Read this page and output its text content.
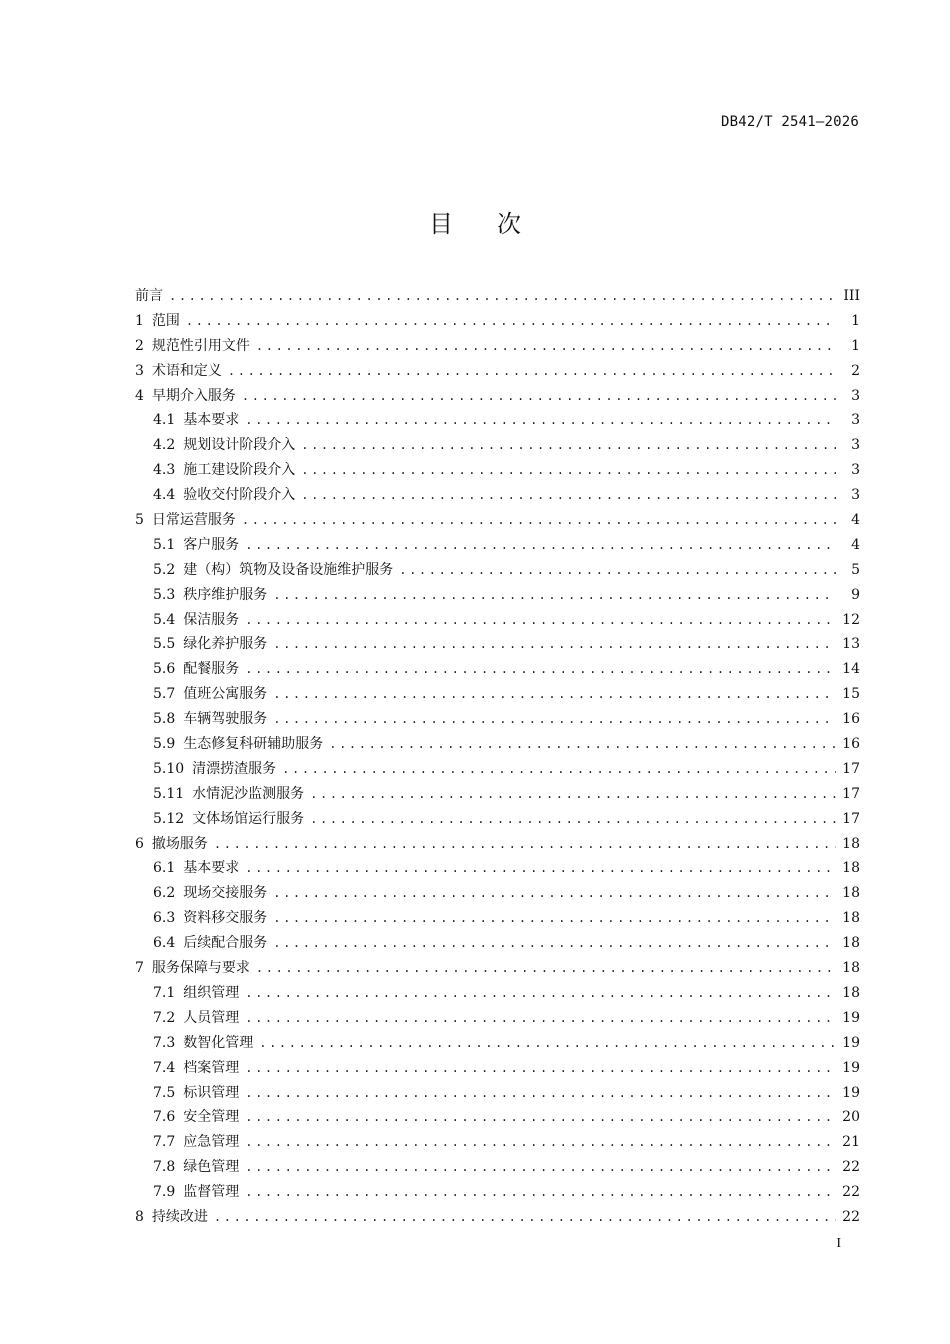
DB42/T 2541—2026
目次
前言 .....	III
1 范围 .....	1
2 规范性引用文件 .....	1
3 术语和定义 .....	2
4 早期介入服务 .....	3
4.1 基本要求 .....	3
4.2 规划设计阶段介入 .....	3
4.3 施工建设阶段介入 .....	3
4.4 验收交付阶段介入 .....	3
5 日常运营服务 .....	4
5.1 客户服务 .....	4
5.2 建（构）筑物及设备设施维护服务 .....	5
5.3 秩序维护服务 .....	9
5.4 保洁服务 .....	12
5.5 绿化养护服务 .....	13
5.6 配餐服务 .....	14
5.7 值班公寓服务 .....	15
5.8 车辆驾驶服务 .....	16
5.9 生态修复科研辅助服务 .....	16
5.10 清漂捞渣服务 .....	17
5.11 水情泥沙监测服务 .....	17
5.12 文体场馆运行服务 .....	17
6 撤场服务 .....	18
6.1 基本要求 .....	18
6.2 现场交接服务 .....	18
6.3 资料移交服务 .....	18
6.4 后续配合服务 .....	18
7 服务保障与要求 .....	18
7.1 组织管理 .....	18
7.2 人员管理 .....	19
7.3 数智化管理 .....	19
7.4 档案管理 .....	19
7.5 标识管理 .....	19
7.6 安全管理 .....	20
7.7 应急管理 .....	21
7.8 绿色管理 .....	22
7.9 监督管理 .....	22
8 持续改进 .....	22
I
